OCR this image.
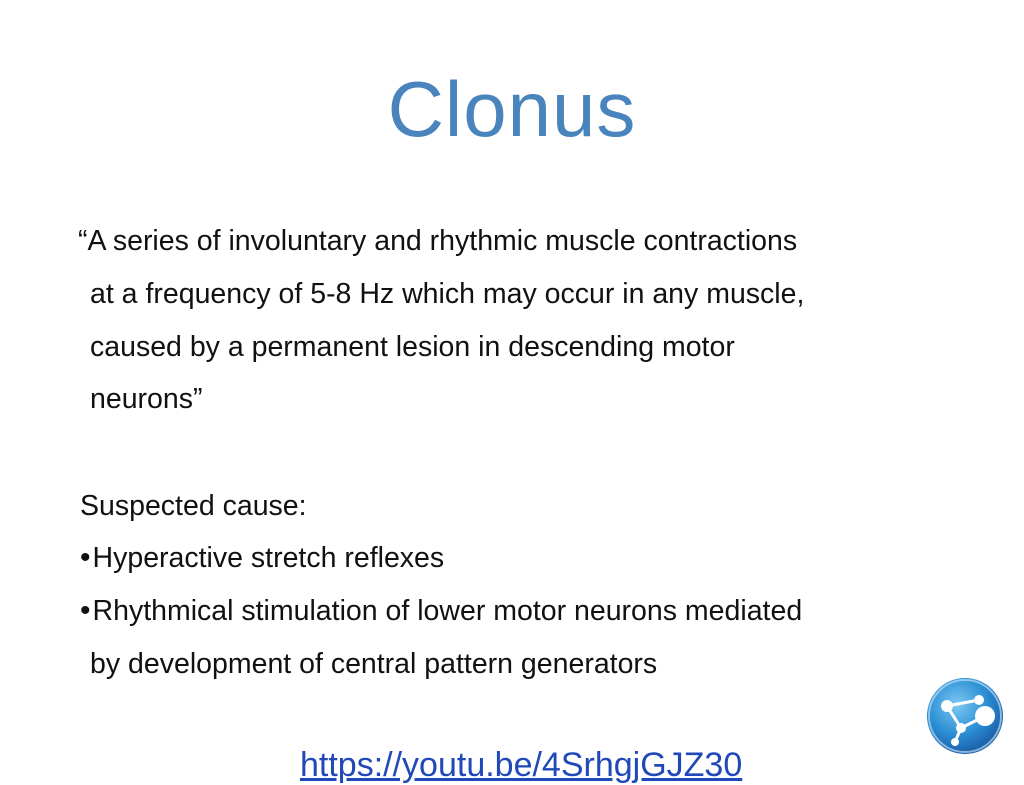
Clonus
“A series of involuntary and rhythmic muscle contractions
at a frequency of 5-8 Hz which may occur in any muscle,
caused by a permanent lesion in descending motor
neurons”
Suspected cause:
•Hyperactive stretch reflexes
•Rhythmical stimulation of lower motor neurons mediated
by development of central pattern generators
https://youtu.be/4SrhgjGJZ30
